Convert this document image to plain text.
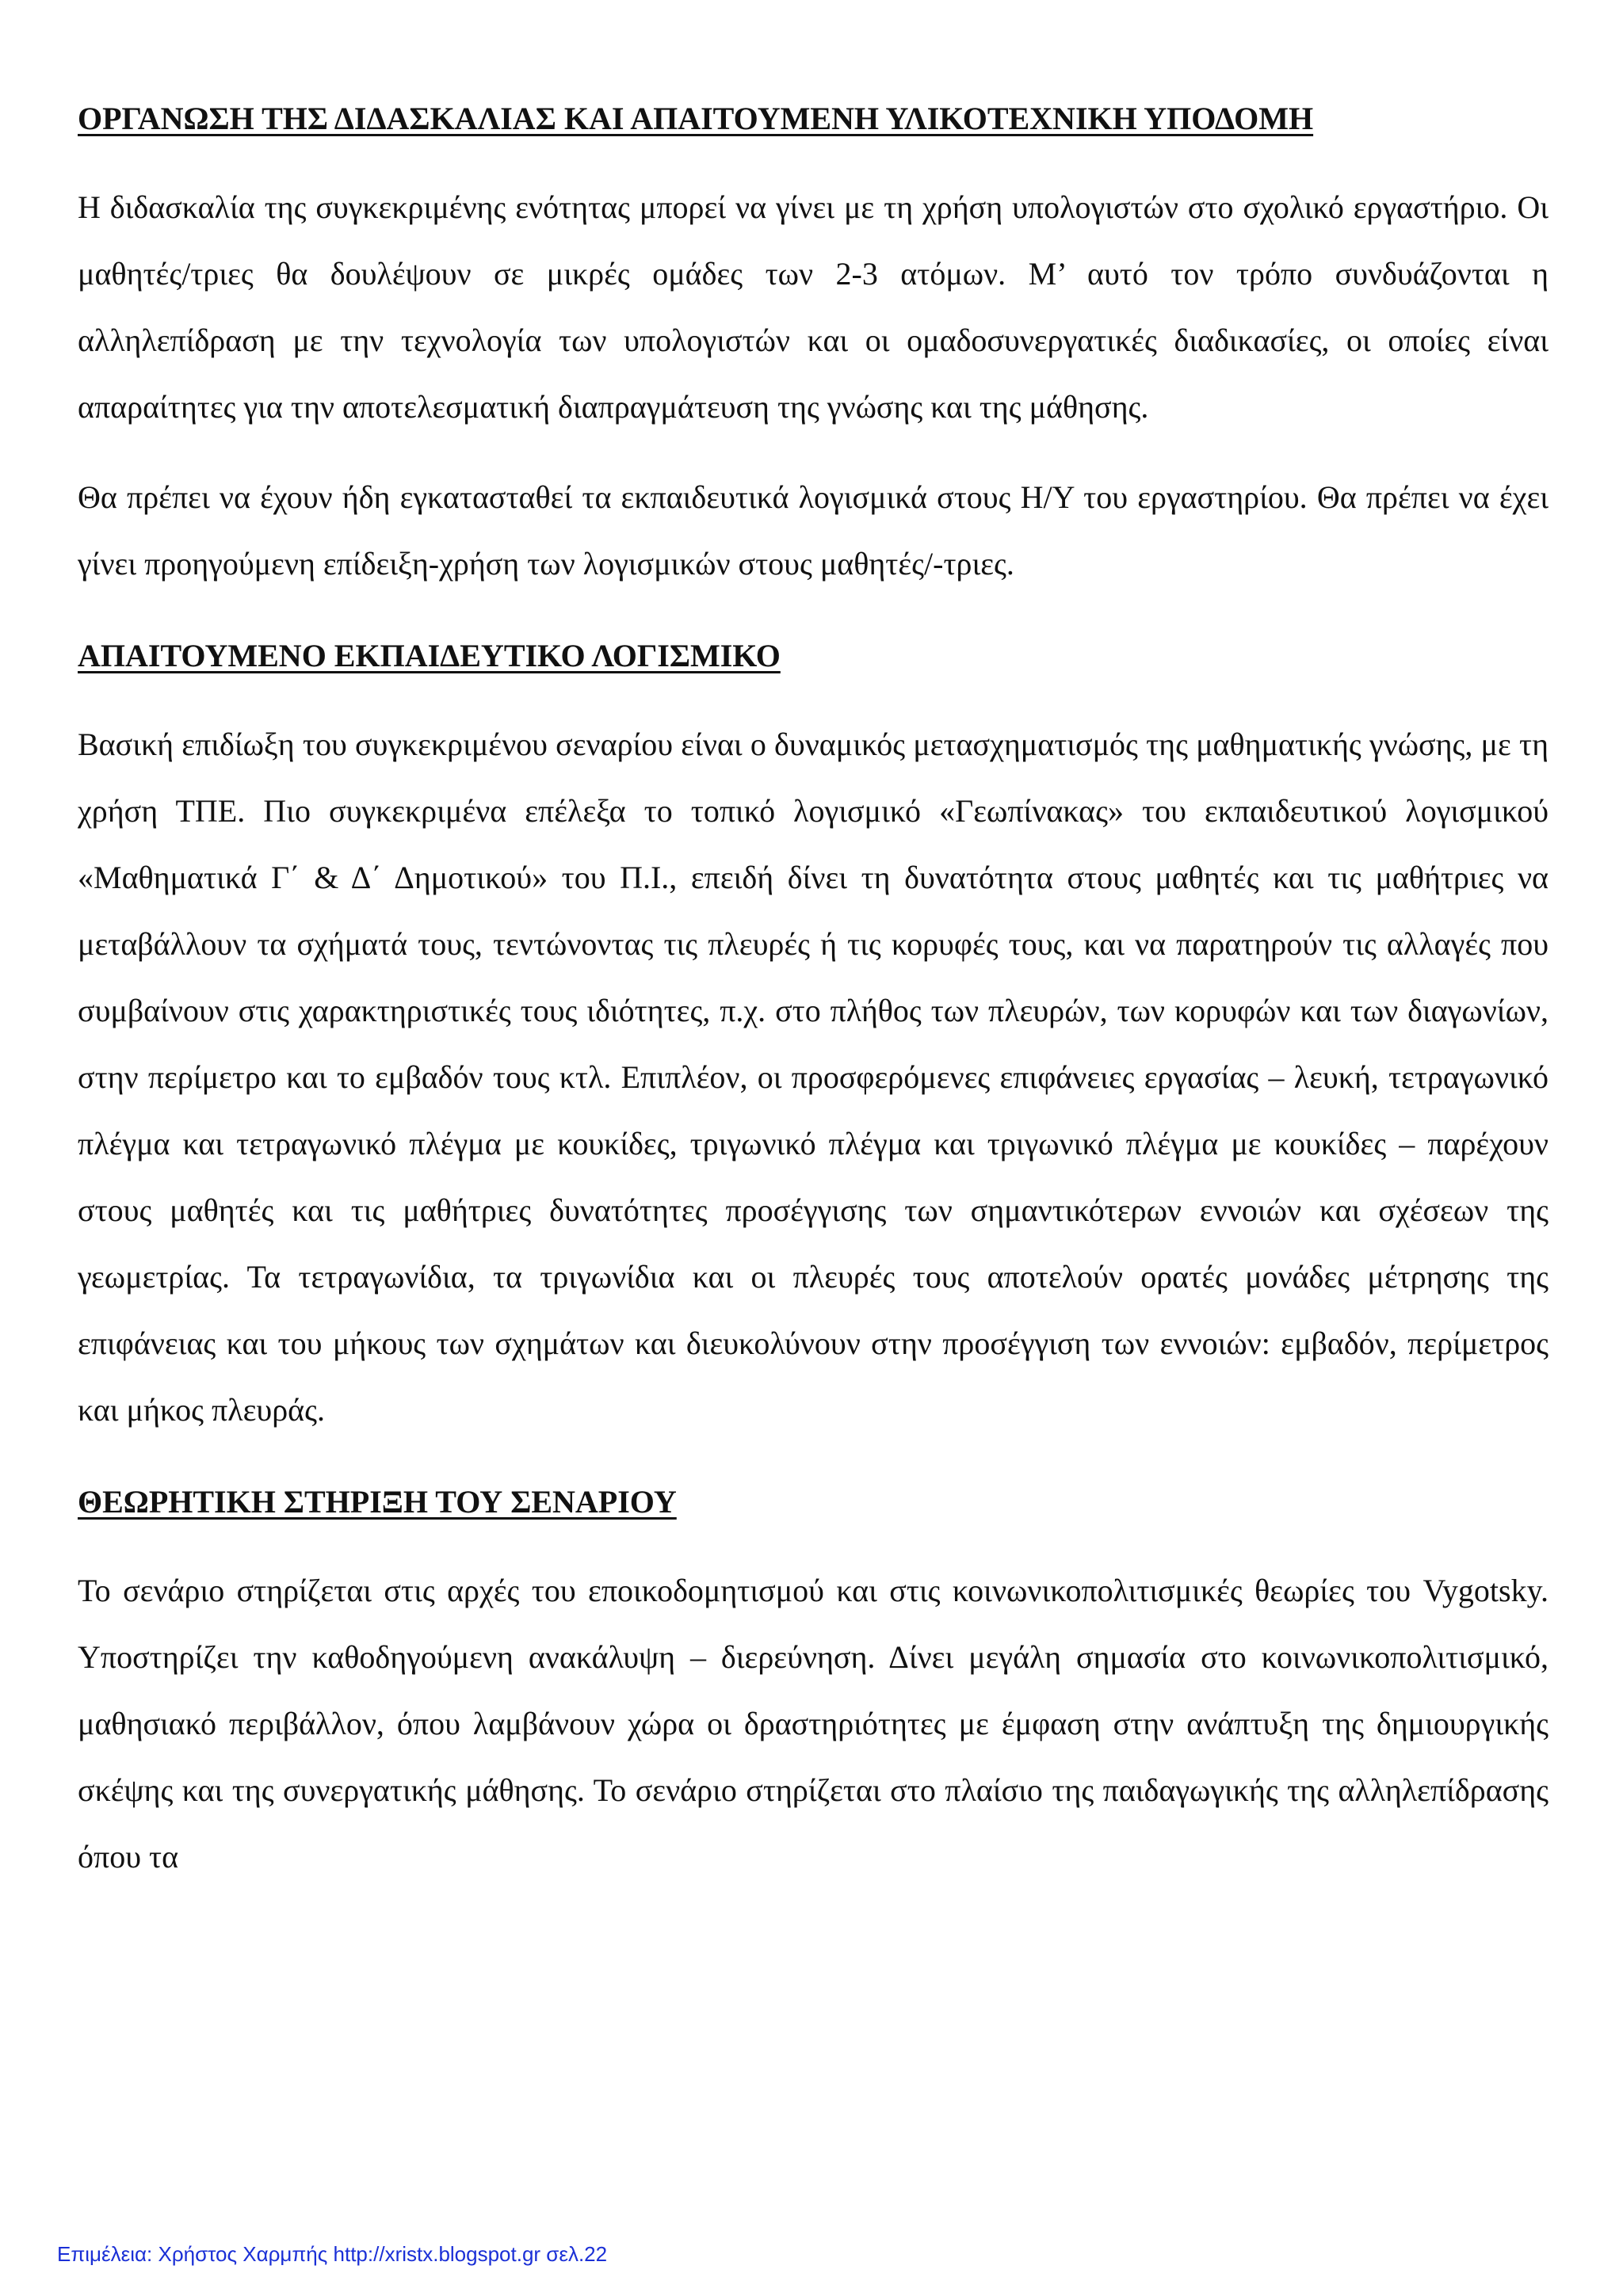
ΟΡΓΑΝΩΣΗ ΤΗΣ ΔΙΔΑΣΚΑΛΙΑΣ ΚΑΙ ΑΠΑΙΤΟΥΜΕΝΗ ΥΛΙΚΟΤΕΧΝΙΚΗ ΥΠΟΔΟΜΗ

Η διδασκαλία της συγκεκριμένης ενότητας μπορεί να γίνει με τη χρήση υπολογιστών στο σχολικό εργαστήριο. Οι μαθητές/τριες θα δουλέψουν σε μικρές ομάδες των 2-3 ατόμων. Μ’ αυτό τον τρόπο συνδυάζονται η αλληλεπίδραση με την τεχνολογία των υπολογιστών και οι ομαδοσυνεργατικές διαδικασίες, οι οποίες είναι απαραίτητες για την αποτελεσματική διαπραγμάτευση της γνώσης και της μάθησης.

Θα πρέπει να έχουν ήδη εγκατασταθεί τα εκπαιδευτικά λογισμικά στους Η/Υ του εργαστηρίου. Θα πρέπει να έχει γίνει προηγούμενη επίδειξη-χρήση των λογισμικών στους μαθητές/-τριες.

ΑΠΑΙΤΟΥΜΕΝΟ ΕΚΠΑΙΔΕΥΤΙΚΟ ΛΟΓΙΣΜΙΚΟ

Βασική επιδίωξη του συγκεκριμένου σεναρίου είναι ο δυναμικός μετασχηματισμός της μαθηματικής γνώσης, με τη χρήση ΤΠΕ. Πιο συγκεκριμένα επέλεξα το τοπικό λογισμικό «Γεωπίνακας» του εκπαιδευτικού λογισμικού «Μαθηματικά Γ΄ & Δ΄ Δημοτικού» του Π.Ι., επειδή δίνει τη δυνατότητα στους μαθητές και τις μαθήτριες να μεταβάλλουν τα σχήματά τους, τεντώνοντας τις πλευρές ή τις κορυφές τους, και να παρατηρούν τις αλλαγές που συμβαίνουν στις χαρακτηριστικές τους ιδιότητες, π.χ. στο πλήθος των πλευρών, των κορυφών και των διαγωνίων, στην περίμετρο και το εμβαδόν τους κτλ. Επιπλέον, οι προσφερόμενες επιφάνειες εργασίας – λευκή, τετραγωνικό πλέγμα και τετραγωνικό πλέγμα με κουκίδες, τριγωνικό πλέγμα και τριγωνικό πλέγμα με κουκίδες – παρέχουν στους μαθητές και τις μαθήτριες δυνατότητες προσέγγισης των σημαντικότερων εννοιών και σχέσεων της γεωμετρίας. Τα τετραγωνίδια, τα τριγωνίδια και οι πλευρές τους αποτελούν ορατές μονάδες μέτρησης της επιφάνειας και του μήκους των σχημάτων και διευκολύνουν στην προσέγγιση των εννοιών: εμβαδόν, περίμετρος και μήκος πλευράς.

ΘΕΩΡΗΤΙΚΗ ΣΤΗΡΙΞΗ ΤΟΥ ΣΕΝΑΡΙΟΥ

Το σενάριο στηρίζεται στις αρχές του εποικοδομητισμού και στις κοινωνικοπολιτισμικές θεωρίες του Vygotsky. Υποστηρίζει την καθοδηγούμενη ανακάλυψη – διερεύνηση. Δίνει μεγάλη σημασία στο κοινωνικοπολιτισμικό, μαθησιακό περιβάλλον, όπου λαμβάνουν χώρα οι δραστηριότητες με έμφαση στην ανάπτυξη της δημιουργικής σκέψης και της συνεργατικής μάθησης. Το σενάριο στηρίζεται στο πλαίσιο της παιδαγωγικής της αλληλεπίδρασης όπου τα

Επιμέλεια: Χρήστος Χαρμπής http://xristx.blogspot.gr σελ.22
